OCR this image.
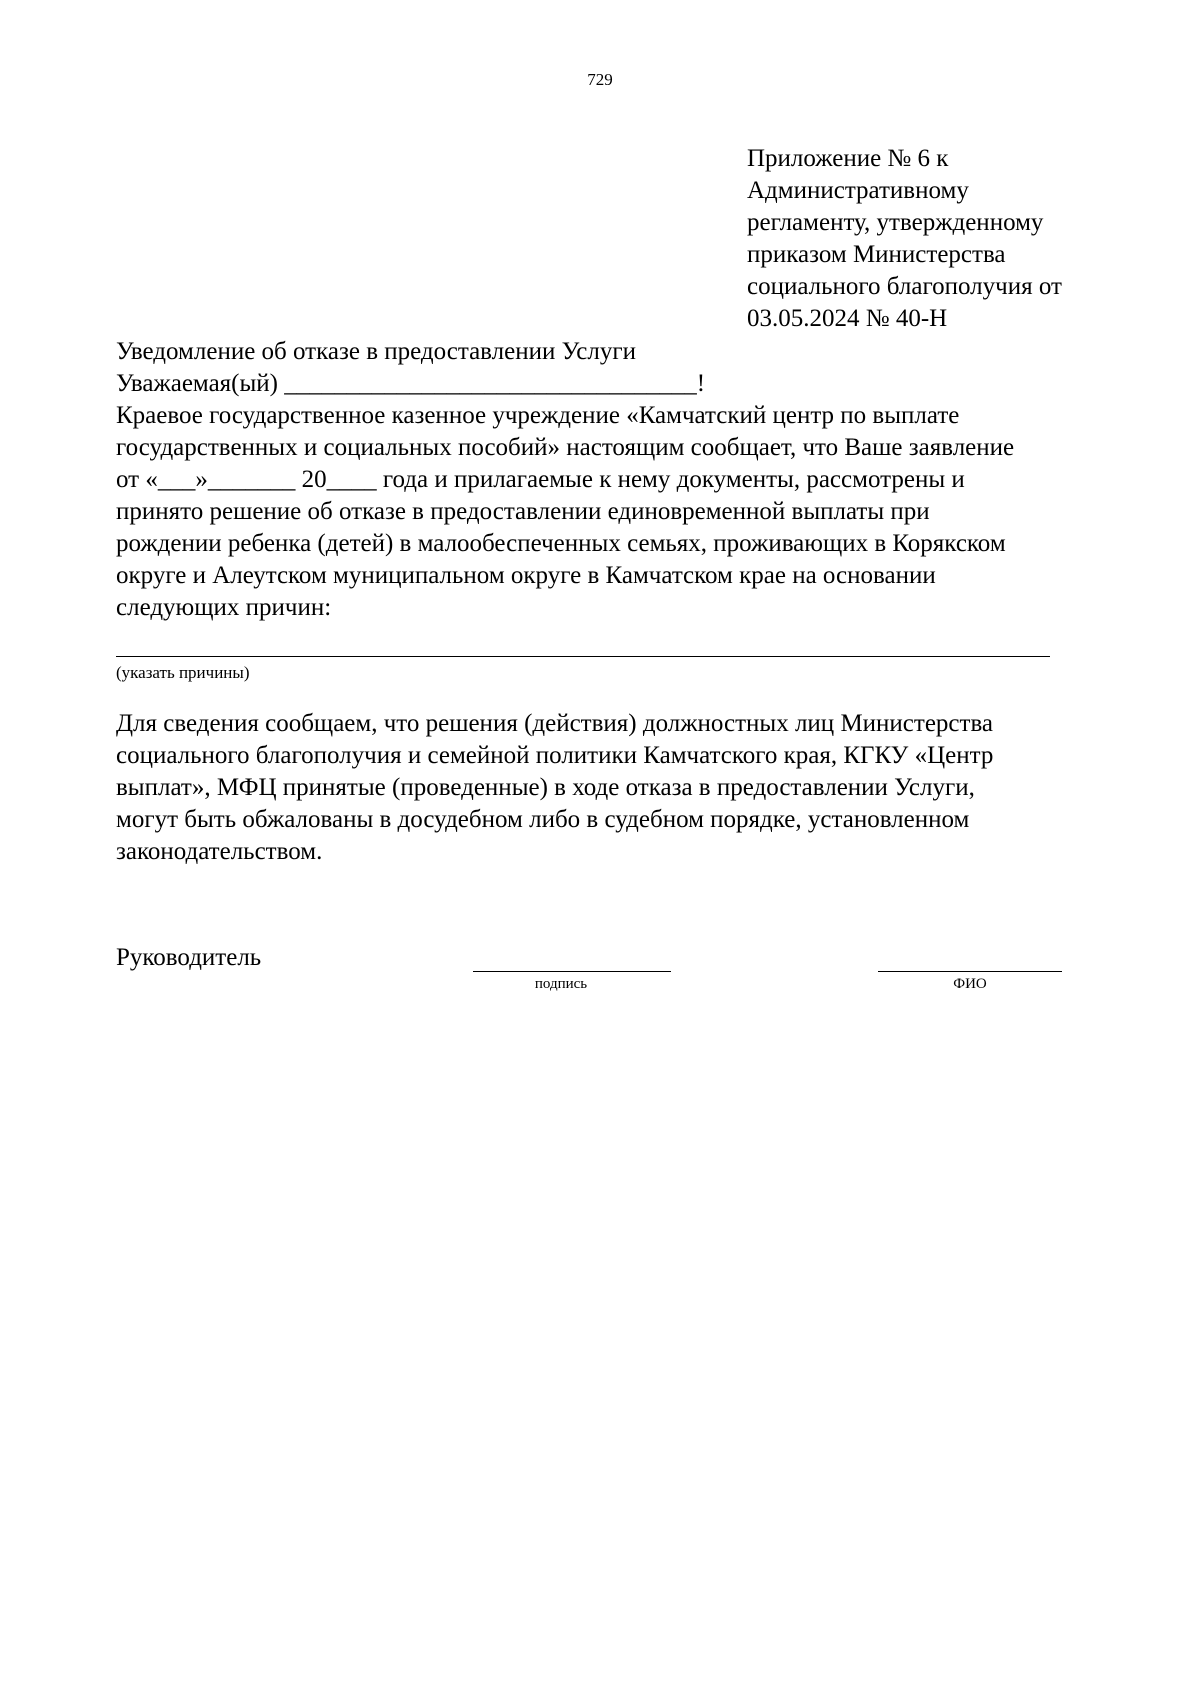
729
Приложение № 6 к
Административному
регламенту, утвержденному
приказом Министерства
социального благополучия от
03.05.2024 № 40-Н
Уведомление об отказе в предоставлении Услуги
Уважаемая(ый) _________________________________!
Краевое государственное казенное учреждение «Камчатский центр по выплате
государственных и социальных пособий» настоящим сообщает, что Ваше заявление
от «___»_______ 20____ года и прилагаемые к нему документы, рассмотрены и
принято решение об отказе в предоставлении единовременной выплаты при
рождении ребенка (детей) в малообеспеченных семьях, проживающих в Корякском
округе и Алеутском муниципальном округе в Камчатском крае на основании
следующих причин:
(указать причины)
Для сведения сообщаем, что решения (действия) должностных лиц Министерства
социального благополучия и семейной политики Камчатского края, КГКУ «Центр
выплат», МФЦ принятые (проведенные) в ходе отказа в предоставлении Услуги,
могут быть обжалованы в досудебном либо в судебном порядке, установленном
законодательством.
Руководитель
подпись	ФИО
